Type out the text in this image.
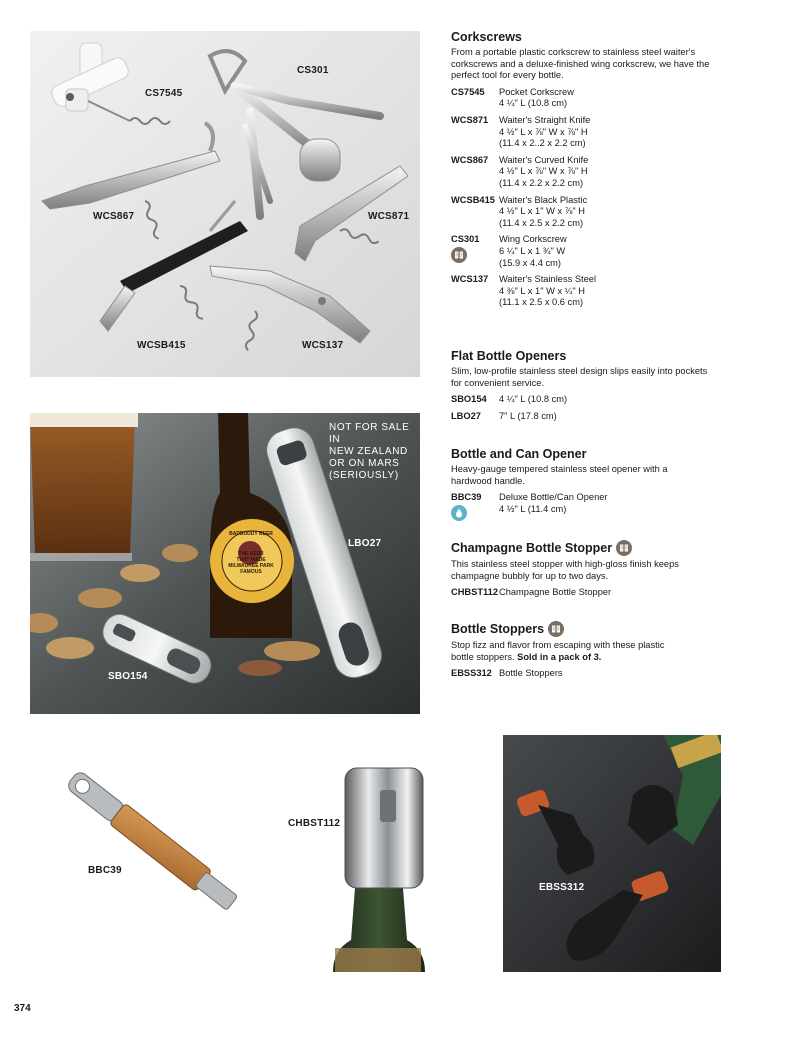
CS7545
CS301
WCS867	WCS871
WCSB415	WCS137
NOT FOR SALE IN
NEW ZEALAND
OR ON MARS
(SERIOUSLY)
BADBUDDY BEER
THE BEER
THAT MADE
MILWAUKEE PARK
FAMOUS
LBO27
SBO154
BBC39
CHBST112
EBSS312
Corkscrews
From a portable plastic corkscrew to stainless steel waiter's corkscrews and a deluxe-finished wing corkscrew, we have the perfect tool for every bottle.
CS7545	Pocket Corkscrew
4 ¼" L (10.8 cm)
WCS871	Waiter's Straight Knife
4 ½" L x ⅞" W x ⅞" H
(11.4 x 2..2 x 2.2 cm)
WCS867	Waiter's Curved Knife
4 ½" L x ⅞" W x ⅞" H
(11.4 x 2.2 x 2.2 cm)
WCSB415 Waiter's Black Plastic
4 ½" L x 1" W x ⅞" H
(11.4 x 2.5 x 2.2 cm)
CS301	Wing Corkscrew
6 ¼" L x 1 ¾" W
(15.9 x 4.4 cm)
WCS137	Waiter's Stainless Steel
4 ⅜" L x 1" W x ¼" H
(11.1 x 2.5 x 0.6 cm)
Flat Bottle Openers
Slim, low-profile stainless steel design slips easily into pockets for convenient service.
SBO154	4 ¼" L (10.8 cm)
LBO27	7" L (17.8 cm)
Bottle and Can Opener
Heavy-gauge tempered stainless steel opener with a hardwood handle.
BBC39	Deluxe Bottle/Can Opener
4 ½" L (11.4 cm)
Champagne Bottle Stopper
This stainless steel stopper with high-gloss finish keeps champagne bubbly for up to two days.
CHBST112 Champagne Bottle Stopper
Bottle Stoppers
Stop fizz and flavor from escaping with these plastic bottle stoppers. Sold in a pack of 3.
EBSS312 Bottle Stoppers
374
